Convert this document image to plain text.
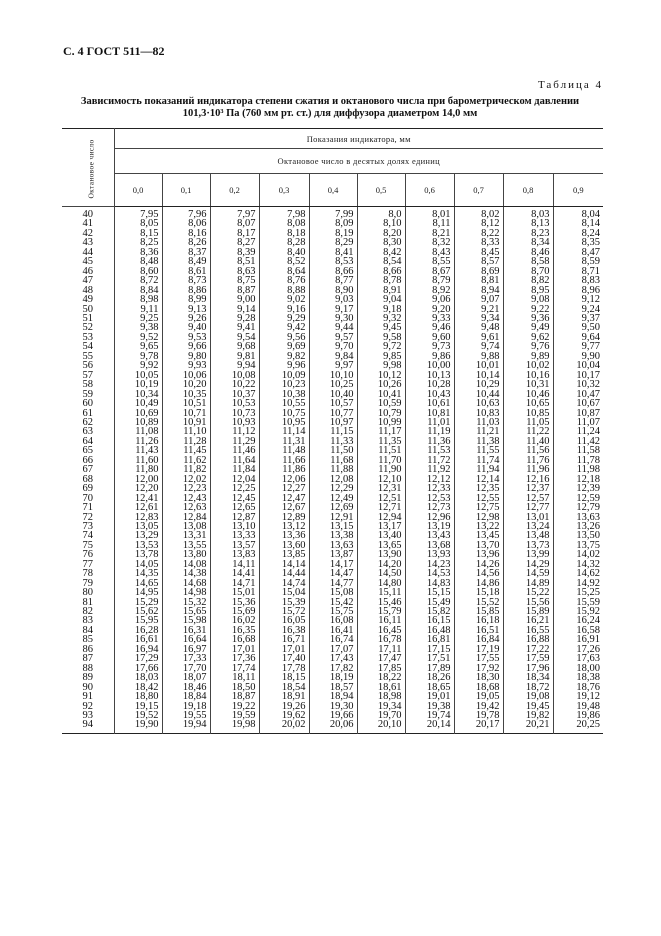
С. 4 ГОСТ 511—82
Таблица 4
Зависимость показаний индикатора степени сжатия и октанового числа при барометрическом давлении
101,3·10³ Па (760 мм рт. ст.) для диффузора диаметром 14,0 мм
Октановое число	Показания индикатора, мм									
	Октановое число в десятых долях единиц									
	0,0	0,1	0,2	0,3	0,4	0,5	0,6	0,7	0,8	0,9
40	7,95	7,96	7,97	7,98	7,99	8,0	8,01	8,02	8,03	8,04
41	8,05	8,06	8,07	8,08	8,09	8,10	8,11	8,12	8,13	8,14
42	8,15	8,16	8,17	8,18	8,19	8,20	8,21	8,22	8,23	8,24
43	8,25	8,26	8,27	8,28	8,29	8,30	8,32	8,33	8,34	8,35
44	8,36	8,37	8,39	8,40	8,41	8,42	8,43	8,45	8,46	8,47
45	8,48	8,49	8,51	8,52	8,53	8,54	8,55	8,57	8,58	8,59
46	8,60	8,61	8,63	8,64	8,66	8,66	8,67	8,69	8,70	8,71
47	8,72	8,73	8,75	8,76	8,77	8,78	8,79	8,81	8,82	8,83
48	8,84	8,86	8,87	8,88	8,90	8,91	8,92	8,94	8,95	8,96
49	8,98	8,99	9,00	9,02	9,03	9,04	9,06	9,07	9,08	9,12
50	9,11	9,13	9,14	9,16	9,17	9,18	9,20	9,21	9,22	9,24
51	9,25	9,26	9,28	9,29	9,30	9,32	9,33	9,34	9,36	9,37
52	9,38	9,40	9,41	9,42	9,44	9,45	9,46	9,48	9,49	9,50
53	9,52	9,53	9,54	9,56	9,57	9,58	9,60	9,61	9,62	9,64
54	9,65	9,66	9,68	9,69	9,70	9,72	9,73	9,74	9,76	9,77
55	9,78	9,80	9,81	9,82	9,84	9,85	9,86	9,88	9,89	9,90
56	9,92	9,93	9,94	9,96	9,97	9,98	10,00	10,01	10,02	10,04
57	10,05	10,06	10,08	10,09	10,10	10,12	10,13	10,14	10,16	10,17
58	10,19	10,20	10,22	10,23	10,25	10,26	10,28	10,29	10,31	10,32
59	10,34	10,35	10,37	10,38	10,40	10,41	10,43	10,44	10,46	10,47
60	10,49	10,51	10,53	10,55	10,57	10,59	10,61	10,63	10,65	10,67
61	10,69	10,71	10,73	10,75	10,77	10,79	10,81	10,83	10,85	10,87
62	10,89	10,91	10,93	10,95	10,97	10,99	11,01	11,03	11,05	11,07
63	11,08	11,10	11,12	11,14	11,15	11,17	11,19	11,21	11,22	11,24
64	11,26	11,28	11,29	11,31	11,33	11,35	11,36	11,38	11,40	11,42
65	11,43	11,45	11,46	11,48	11,50	11,51	11,53	11,55	11,56	11,58
66	11,60	11,62	11,64	11,66	11,68	11,70	11,72	11,74	11,76	11,78
67	11,80	11,82	11,84	11,86	11,88	11,90	11,92	11,94	11,96	11,98
68	12,00	12,02	12,04	12,06	12,08	12,10	12,12	12,14	12,16	12,18
69	12,20	12,23	12,25	12,27	12,29	12,31	12,33	12,35	12,37	12,39
70	12,41	12,43	12,45	12,47	12,49	12,51	12,53	12,55	12,57	12,59
71	12,61	12,63	12,65	12,67	12,69	12,71	12,73	12,75	12,77	12,79
72	12,83	12,84	12,87	12,89	12,91	12,94	12,96	12,98	13,01	13,63
73	13,05	13,08	13,10	13,12	13,15	13,17	13,19	13,22	13,24	13,26
74	13,29	13,31	13,33	13,36	13,38	13,40	13,43	13,45	13,48	13,50
75	13,53	13,55	13,57	13,60	13,63	13,65	13,68	13,70	13,73	13,75
76	13,78	13,80	13,83	13,85	13,87	13,90	13,93	13,96	13,99	14,02
77	14,05	14,08	14,11	14,14	14,17	14,20	14,23	14,26	14,29	14,32
78	14,35	14,38	14,41	14,44	14,47	14,50	14,53	14,56	14,59	14,62
79	14,65	14,68	14,71	14,74	14,77	14,80	14,83	14,86	14,89	14,92
80	14,95	14,98	15,01	15,04	15,08	15,11	15,15	15,18	15,22	15,25
81	15,29	15,32	15,36	15,39	15,42	15,46	15,49	15,52	15,56	15,59
82	15,62	15,65	15,69	15,72	15,75	15,79	15,82	15,85	15,89	15,92
83	15,95	15,98	16,02	16,05	16,08	16,11	16,15	16,18	16,21	16,24
84	16,28	16,31	16,35	16,38	16,41	16,45	16,48	16,51	16,55	16,58
85	16,61	16,64	16,68	16,71	16,74	16,78	16,81	16,84	16,88	16,91
86	16,94	16,97	17,01	17,01	17,07	17,11	17,15	17,19	17,22	17,26
87	17,29	17,33	17,36	17,40	17,43	17,47	17,51	17,55	17,59	17,63
88	17,66	17,70	17,74	17,78	17,82	17,85	17,89	17,92	17,96	18,00
89	18,03	18,07	18,11	18,15	18,19	18,22	18,26	18,30	18,34	18,38
90	18,42	18,46	18,50	18,54	18,57	18,61	18,65	18,68	18,72	18,76
91	18,80	18,84	18,87	18,91	18,94	18,98	19,01	19,05	19,08	19,12
92	19,15	19,18	19,22	19,26	19,30	19,34	19,38	19,42	19,45	19,48
93	19,52	19,55	19,59	19,62	19,66	19,70	19,74	19,78	19,82	19,86
94	19,90	19,94	19,98	20,02	20,06	20,10	20,14	20,17	20,21	20,25
